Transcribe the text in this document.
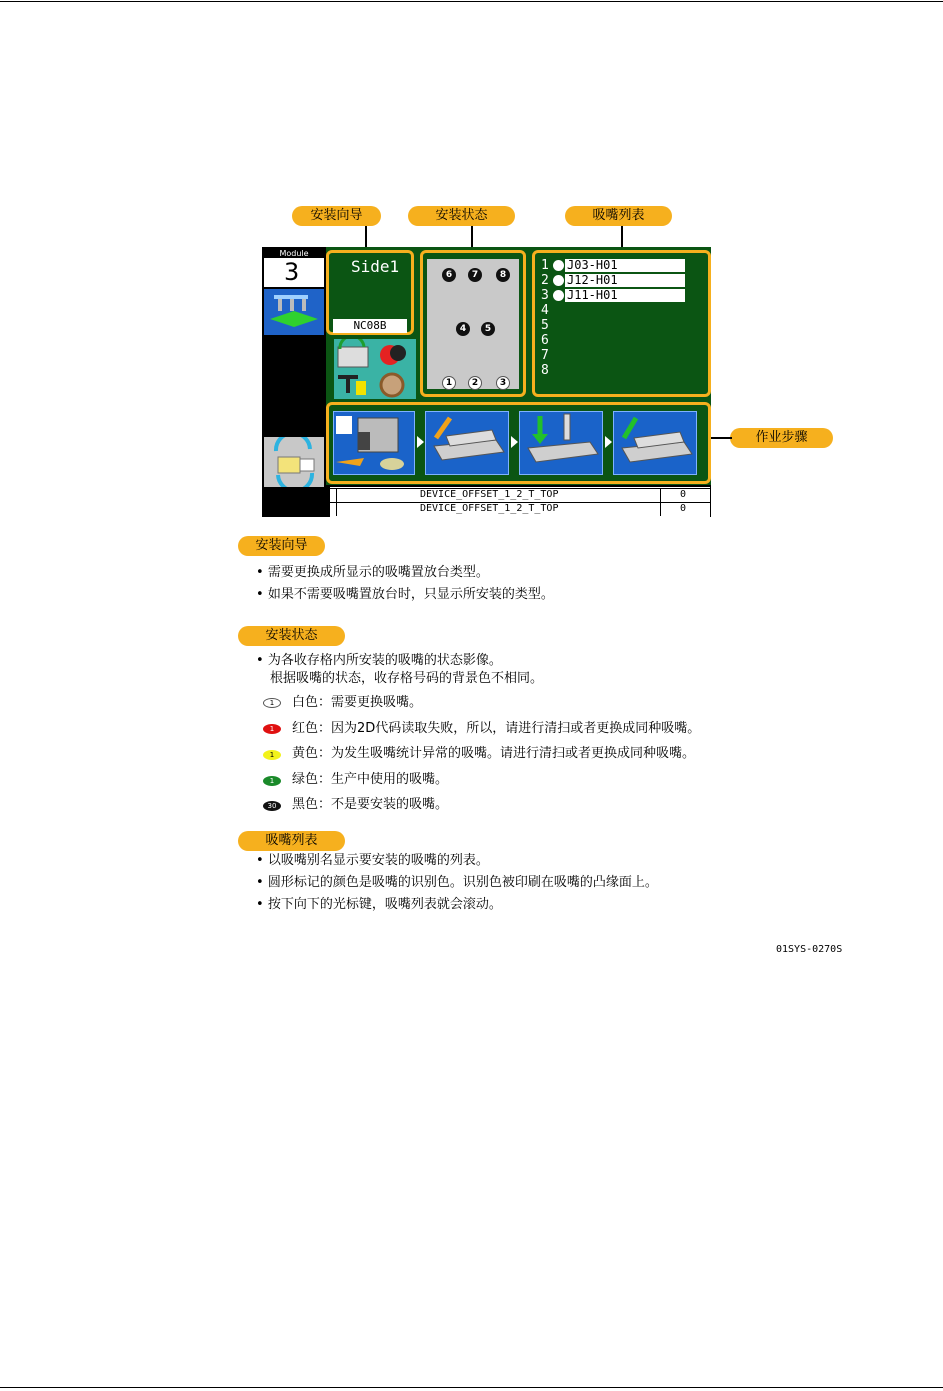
安装向导	安装状态	吸嘴列表
作业步骤
Module
3	Side1
NC08B
6	7	8
4	5
1	2	3
1 J03-H01
2 J12-H01
3 J11-H01
4
5
6
7
8
DEVICE_OFFSET_1_2_T_TOP	0
DEVICE_OFFSET_1_2_T_TOP	0
安装向导
• 需要更换成所显示的吸嘴置放台类型。
• 如果不需要吸嘴置放台时，只显示所安装的类型。
安装状态
• 为各收存格内所安装的吸嘴的状态影像。
根据吸嘴的状态，收存格号码的背景色不相同。
1	白色：需要更换吸嘴。
1	红色：因为2D代码读取失败，所以，请进行清扫或者更换成同种吸嘴。
1	黄色：为发生吸嘴统计异常的吸嘴。请进行清扫或者更换成同种吸嘴。
1	绿色：生产中使用的吸嘴。
30	黑色：不是要安装的吸嘴。
吸嘴列表
• 以吸嘴别名显示要安装的吸嘴的列表。
• 圆形标记的颜色是吸嘴的识别色。识别色被印刷在吸嘴的凸缘面上。
• 按下向下的光标键，吸嘴列表就会滚动。
01SYS-0270S
